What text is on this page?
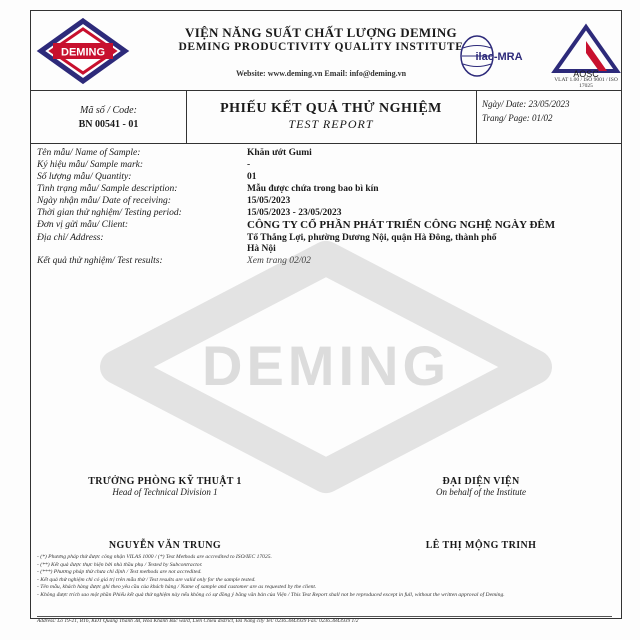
DEMING
VIỆN NĂNG SUẤT CHẤT LƯỢNG DEMING
DEMING PRODUCTIVITY QUALITY INSTITUTE
Website: www.deming.vn Email: info@deming.vn
ilac-MRA
AOSC
VLAT 1.00 / ISO 9001 / ISO 17025
Mã số / Code:
BN 00541 - 01
PHIẾU KẾT QUẢ THỬ NGHIỆM
TEST REPORT
Ngày/ Date: 23/05/2023
Trang/ Page: 01/02
DEMING
Tên mẫu/ Name of Sample:	Khăn ướt Gumi
Ký hiệu mẫu/ Sample mark:	-
Số lượng mẫu/ Quantity:	01
Tình trạng mẫu/ Sample description:	Mẫu được chứa trong bao bì kín
Ngày nhận mẫu/ Date of receiving:	15/05/2023
Thời gian thử nghiệm/ Testing period:	15/05/2023 - 23/05/2023
Đơn vị gửi mẫu/ Client:	CÔNG TY CỔ PHẦN PHÁT TRIỂN CÔNG NGHỆ NGÀY ĐÊM
Địa chỉ/ Address:	Tổ Thắng Lợi, phường Dương Nội, quận Hà Đông, thành phố Hà Nội
Kết quả thử nghiệm/ Test results:	Xem trang 02/02
TRƯỞNG PHÒNG KỸ THUẬT 1
Head of Technical Division 1
ĐẠI DIỆN VIỆN
On behalf of the Institute
NGUYỄN VĂN TRUNG	LÊ THỊ MỘNG TRINH
- (*) Phương pháp thử được công nhận VILAS 1000 / (*) Test Methods are accredited to ISO/IEC 17025.
- (**) Kết quả được thực hiện bởi nhà thầu phụ / Tested by Subcontractor.
- (***) Phương pháp thử chưa chỉ định / Test methods are not accredited.
- Kết quả thử nghiệm chỉ có giá trị trên mẫu thử / Test results are valid only for the sample tested.
- Tên mẫu, khách hàng được ghi theo yêu cầu của khách hàng / Name of sample and customer are as requested by the client.
- Không được trích sao một phần Phiếu kết quả thử nghiệm này nếu không có sự đồng ý bằng văn bản của Viện / This Test Report shall not be reproduced except in full, without the written approval of Deming.
Address: Lô 19-21, BT6, KĐT Quang Thành 3B, Hòa Khánh Bắc ward, Liên Chiểu district, Đà Nẵng city Tel: 0236.3843939 Fax: 0236.3843939 1/2
